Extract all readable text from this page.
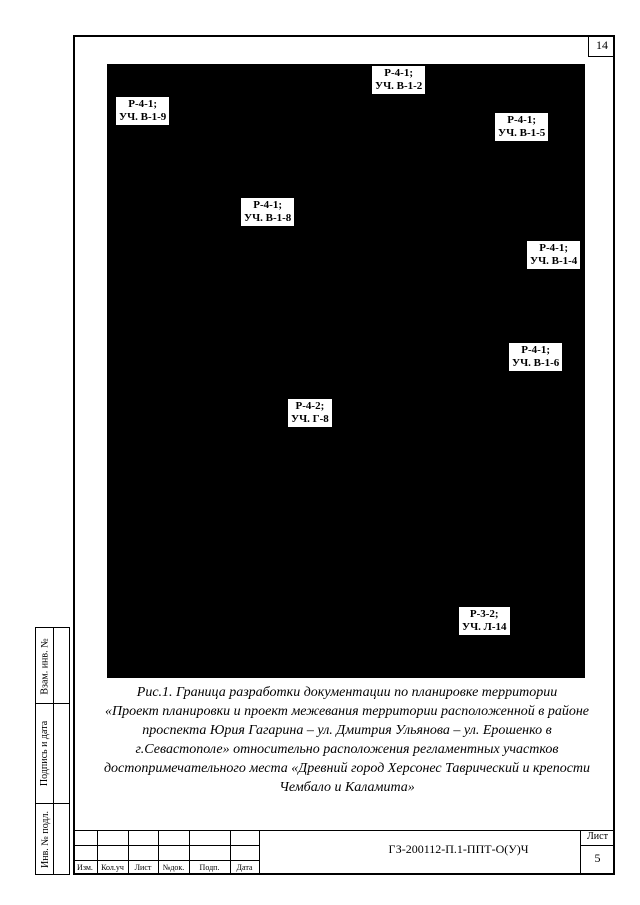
14
Р-4-1;
УЧ. В-1-2
Р-4-1;
УЧ. В-1-9	Р-4-1;
УЧ. В-1-5
Р-4-1;
УЧ. В-1-8
Р-4-1;
УЧ. В-1-4
Р-4-1;
УЧ. В-1-6
Р-4-2;
УЧ. Г-8
Р-3-2;
УЧ. Л-14
Рис.1. Граница разработки документации по планировке территории
«Проект планировки и проект межевания территории расположенной в районе
проспекта Юрия Гагарина – ул. Дмитрия Ульянова – ул. Ерошенко в
г.Севастополе» относительно расположения регламентных участков
достопримечательного места «Древний город Херсонес Таврический и крепости
Чембало и Каламита»
Взам. инв. №
Подпись и дата
Инв. № подл.
Изм.	Кол.уч	Лист	№док.	Подп.	Дата
ГЗ-200112-П.1-ППТ-О(У)Ч
Лист
5
